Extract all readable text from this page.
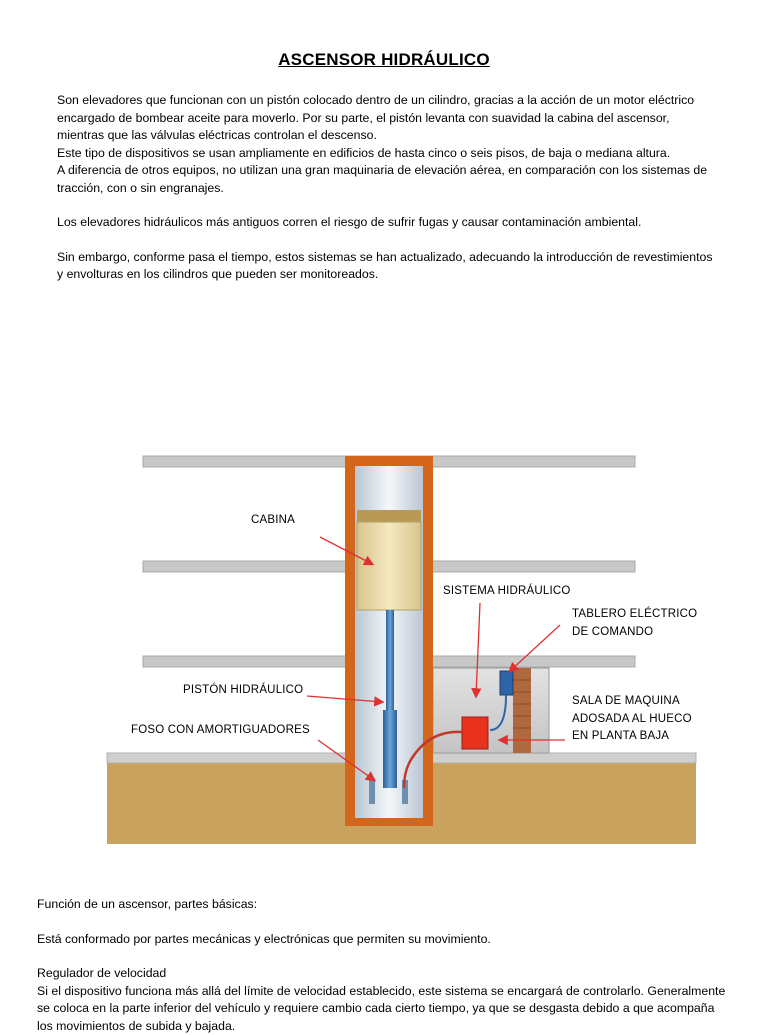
ASCENSOR HIDRÁULICO

Son elevadores que funcionan con un pistón colocado dentro de un cilindro, gracias a la acción de un motor eléctrico encargado de bombear aceite para moverlo. Por su parte, el pistón levanta con suavidad la cabina del ascensor, mientras que las válvulas eléctricas controlan el descenso.

Este tipo de dispositivos se usan ampliamente en edificios de hasta cinco o seis pisos, de baja o mediana altura.

A diferencia de otros equipos, no utilizan una gran maquinaria de elevación aérea, en comparación con los sistemas de tracción, con o sin engranajes.

Los elevadores hidráulicos más antiguos corren el riesgo de sufrir fugas y causar contaminación ambiental.

Sin embargo, conforme pasa el tiempo, estos sistemas se han actualizado, adecuando la introducción de revestimientos y envolturas en los cilindros que pueden ser monitoreados.

CABINA
SISTEMA HIDRÁULICO
TABLERO ELÉCTRICO
DE COMANDO
PISTÓN HIDRÁULICO
FOSO CON AMORTIGUADORES
SALA DE MAQUINA
ADOSADA AL HUECO
EN PLANTA BAJA

Función de un ascensor, partes básicas:

Está conformado por partes mecánicas y electrónicas que permiten su movimiento.

Regulador de velocidad

Si el dispositivo funciona más allá del límite de velocidad establecido, este sistema se encargará de controlarlo. Generalmente se coloca en la parte inferior del vehículo y requiere cambio cada cierto tiempo, ya que se desgasta debido a que acompaña los movimientos de subida y bajada.
